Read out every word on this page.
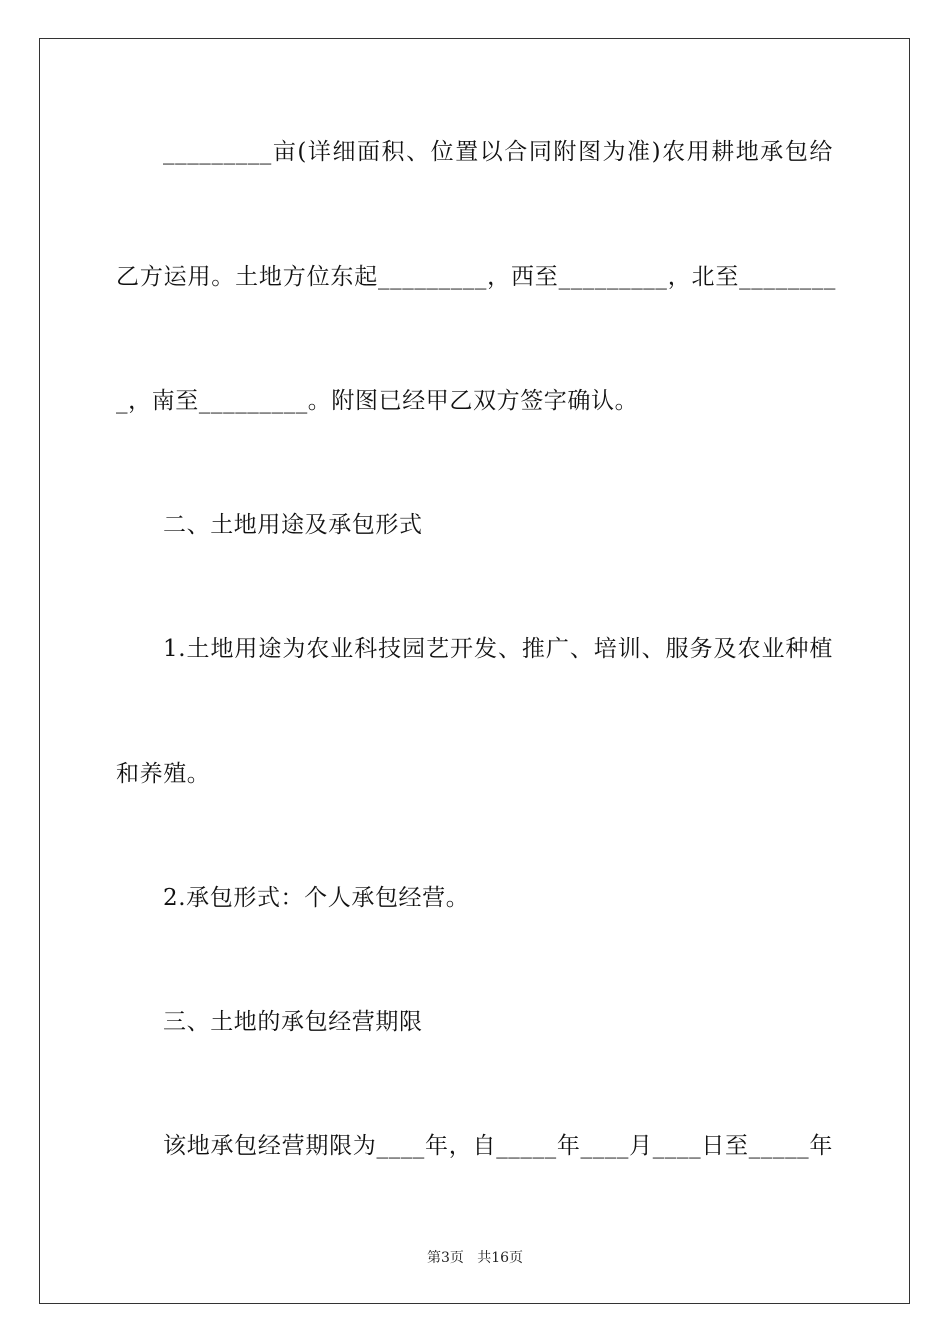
_________亩(详细面积、位置以合同附图为准)农用耕地承包给
乙方运用。土地方位东起_________，西至_________，北至________
_，南至_________。附图已经甲乙双方签字确认。
二、土地用途及承包形式
1.土地用途为农业科技园艺开发、推广、培训、服务及农业种植
和养殖。
2.承包形式：个人承包经营。
三、土地的承包经营期限
该地承包经营期限为____年，自_____年____月____日至_____年
第3页   共16页
